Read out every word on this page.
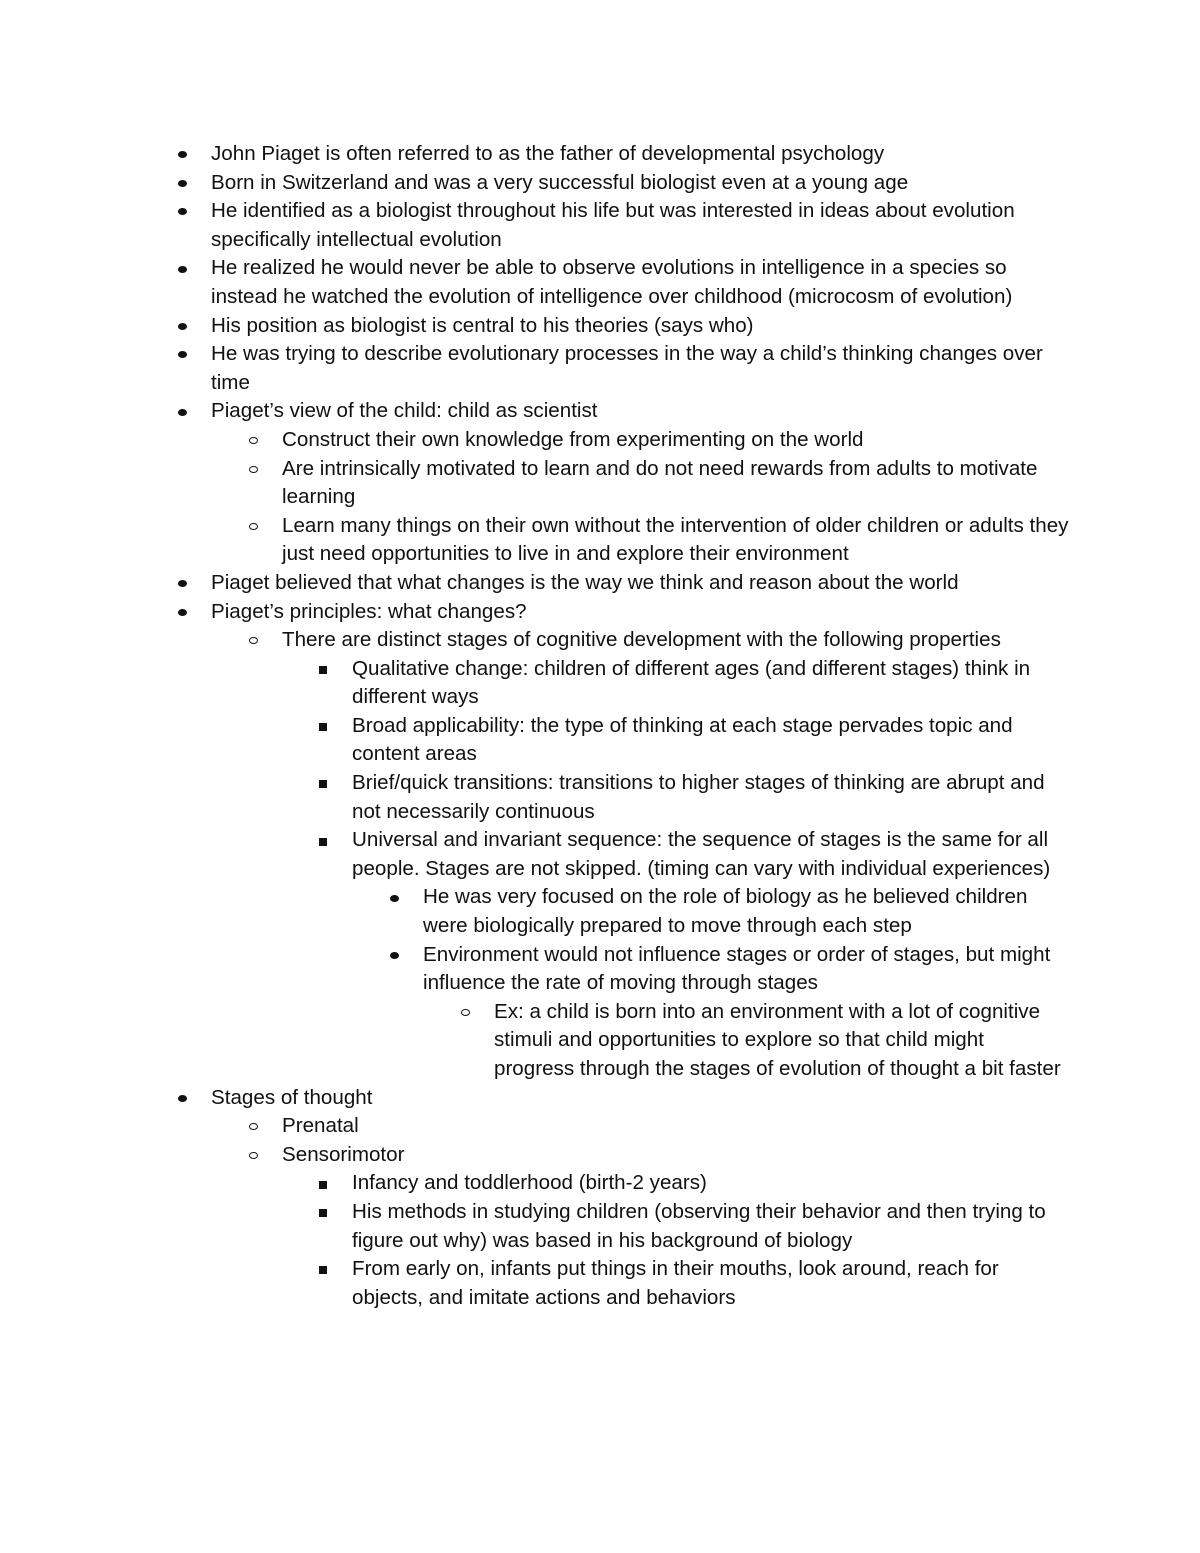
John Piaget is often referred to as the father of developmental psychology
Born in Switzerland and was a very successful biologist even at a young age
He identified as a biologist throughout his life but was interested in ideas about evolution specifically intellectual evolution
He realized he would never be able to observe evolutions in intelligence in a species so instead he watched the evolution of intelligence over childhood (microcosm of evolution)
His position as biologist is central to his theories (says who)
He was trying to describe evolutionary processes in the way a child’s thinking changes over time
Piaget’s view of the child: child as scientist
Construct their own knowledge from experimenting on the world
Are intrinsically motivated to learn and do not need rewards from adults to motivate learning
Learn many things on their own without the intervention of older children or adults they just need opportunities to live in and explore their environment
Piaget believed that what changes is the way we think and reason about the world
Piaget’s principles: what changes?
There are distinct stages of cognitive development with the following properties
Qualitative change: children of different ages (and different stages) think in different ways
Broad applicability: the type of thinking at each stage pervades topic and content areas
Brief/quick transitions: transitions to higher stages of thinking are abrupt and not necessarily continuous
Universal and invariant sequence: the sequence of stages is the same for all people. Stages are not skipped. (timing can vary with individual experiences)
He was very focused on the role of biology as he believed children were biologically prepared to move through each step
Environment would not influence stages or order of stages, but might influence the rate of moving through stages
Ex: a child is born into an environment with a lot of cognitive stimuli and opportunities to explore so that child might progress through the stages of evolution of thought a bit faster
Stages of thought
Prenatal
Sensorimotor
Infancy and toddlerhood (birth-2 years)
His methods in studying children (observing their behavior and then trying to figure out why) was based in his background of biology
From early on, infants put things in their mouths, look around, reach for objects, and imitate actions and behaviors
